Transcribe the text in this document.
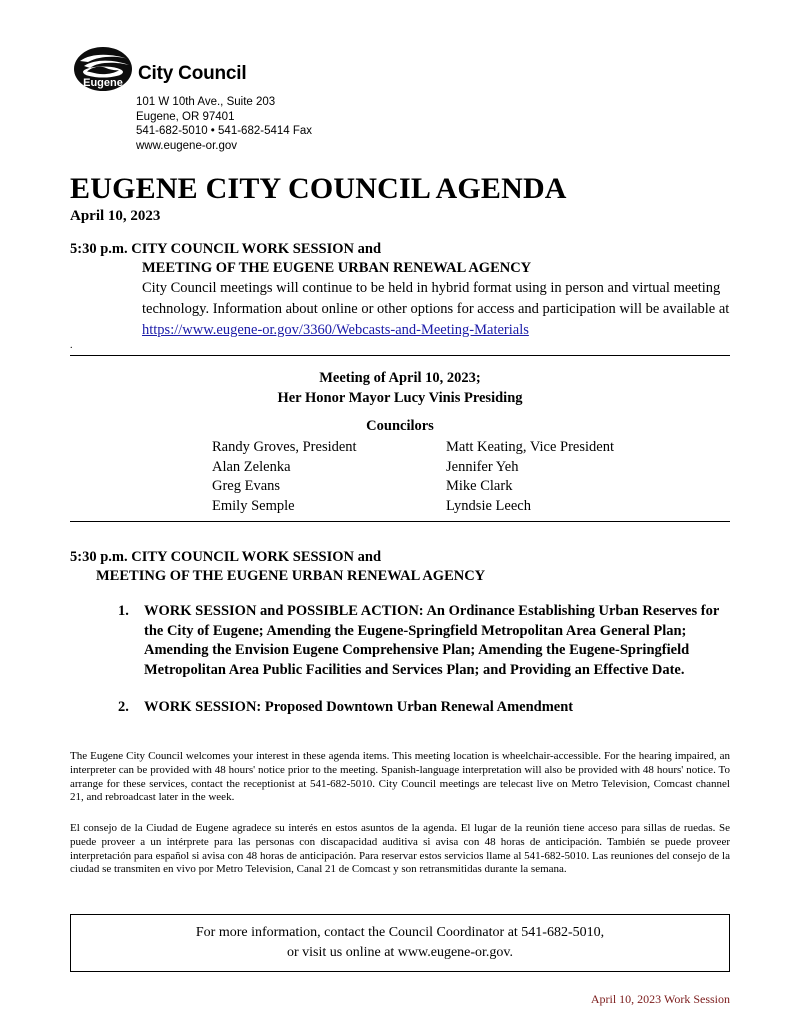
Eugene City Council
101 W 10th Ave., Suite 203
Eugene, OR 97401
541-682-5010 • 541-682-5414 Fax
www.eugene-or.gov
EUGENE CITY COUNCIL AGENDA
April 10, 2023
5:30 p.m. CITY COUNCIL WORK SESSION and
MEETING OF THE EUGENE URBAN RENEWAL AGENCY
City Council meetings will continue to be held in hybrid format using in person and virtual meeting technology. Information about online or other options for access and participation will be available at https://www.eugene-or.gov/3360/Webcasts-and-Meeting-Materials
.
Meeting of April 10, 2023;
Her Honor Mayor Lucy Vinis Presiding
Councilors
Randy Groves, President	Matt Keating, Vice President
Alan Zelenka	Jennifer Yeh
Greg Evans	Mike Clark
Emily Semple	Lyndsie Leech
5:30 p.m. CITY COUNCIL WORK SESSION and
MEETING OF THE EUGENE URBAN RENEWAL AGENCY
1.	WORK SESSION and POSSIBLE ACTION: An Ordinance Establishing Urban Reserves for the City of Eugene; Amending the Eugene-Springfield Metropolitan Area General Plan; Amending the Envision Eugene Comprehensive Plan; Amending the Eugene-Springfield Metropolitan Area Public Facilities and Services Plan; and Providing an Effective Date.
2.	WORK SESSION: Proposed Downtown Urban Renewal Amendment
The Eugene City Council welcomes your interest in these agenda items. This meeting location is wheelchair-accessible. For the hearing impaired, an interpreter can be provided with 48 hours' notice prior to the meeting. Spanish-language interpretation will also be provided with 48 hours' notice. To arrange for these services, contact the receptionist at 541-682-5010. City Council meetings are telecast live on Metro Television, Comcast channel 21, and rebroadcast later in the week.
El consejo de la Ciudad de Eugene agradece su interés en estos asuntos de la agenda. El lugar de la reunión tiene acceso para sillas de ruedas. Se puede proveer a un intérprete para las personas con discapacidad auditiva si avisa con 48 horas de anticipación. También se puede proveer interpretación para español si avisa con 48 horas de anticipación. Para reservar estos servicios llame al 541-682-5010. Las reuniones del consejo de la ciudad se transmiten en vivo por Metro Television, Canal 21 de Comcast y son retransmitidas durante la semana.
For more information, contact the Council Coordinator at 541-682-5010,
or visit us online at www.eugene-or.gov.
April 10, 2023 Work Session
